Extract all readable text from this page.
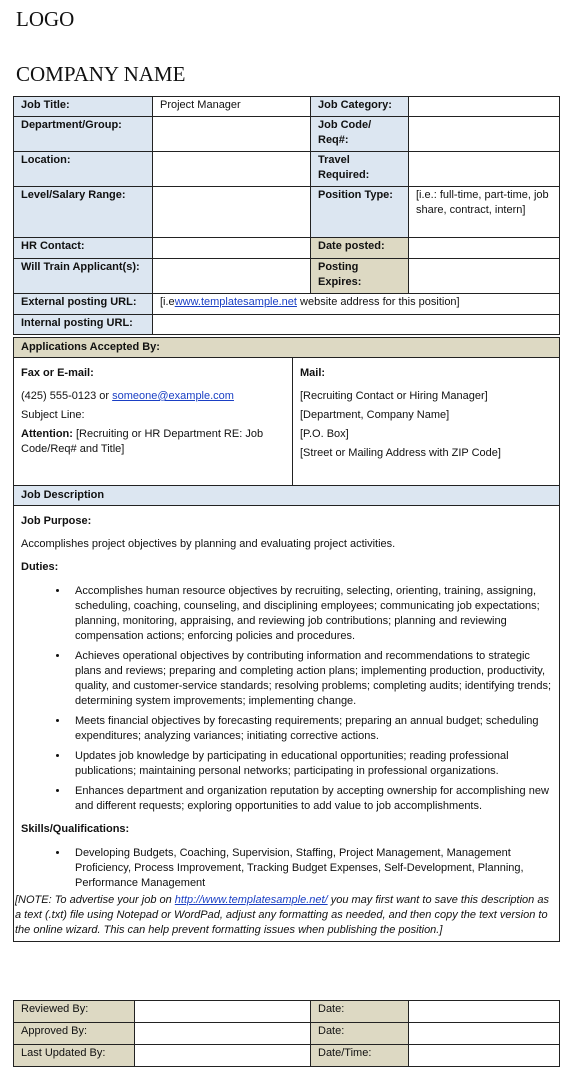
LOGO
COMPANY NAME
Job Title:	Project Manager	Job Category:	
Department/Group:		Job Code/ Req#:	
Location:		Travel Required:	
Level/Salary Range:		Position Type:	[i.e.: full-time, part-time, job share, contract, intern]
HR Contact:		Date posted:	
Will Train Applicant(s):		Posting Expires:	
External posting URL:	[i.ewww.templatesample.net website address for this position]		
Internal posting URL:			
Applications Accepted By:

Fax or E-mail:
(425) 555-0123 or someone@example.com
Subject Line:
Attention: [Recruiting or HR Department RE: Job Code/Req# and Title]

Mail:
[Recruiting Contact or Hiring Manager]
[Department, Company Name]
[P.O. Box]
[Street or Mailing Address with ZIP Code]
Job Description

Job Purpose:

Accomplishes project objectives by planning and evaluating project activities.

Duties:

• Accomplishes human resource objectives by recruiting, selecting, orienting, training, assigning, scheduling, coaching, counseling, and disciplining employees; communicating job expectations; planning, monitoring, appraising, and reviewing job contributions; planning and reviewing compensation actions; enforcing policies and procedures.
• Achieves operational objectives by contributing information and recommendations to strategic plans and reviews; preparing and completing action plans; implementing production, productivity, quality, and customer-service standards; resolving problems; completing audits; identifying trends; determining system improvements; implementing change.
• Meets financial objectives by forecasting requirements; preparing an annual budget; scheduling expenditures; analyzing variances; initiating corrective actions.
• Updates job knowledge by participating in educational opportunities; reading professional publications; maintaining personal networks; participating in professional organizations.
• Enhances department and organization reputation by accepting ownership for accomplishing new and different requests; exploring opportunities to add value to job accomplishments.

Skills/Qualifications:

• Developing Budgets, Coaching, Supervision, Staffing, Project Management, Management Proficiency, Process Improvement, Tracking Budget Expenses, Self-Development, Planning, Performance Management

[NOTE: To advertise your job on http://www.templatesample.net/ you may first want to save this description as a text (.txt) file using Notepad or WordPad, adjust any formatting as needed, and then copy the text version to the online wizard. This can help prevent formatting issues when publishing the position.]

Reviewed By:		Date:	
Approved By:		Date:	
Last Updated By:		Date/Time:	
